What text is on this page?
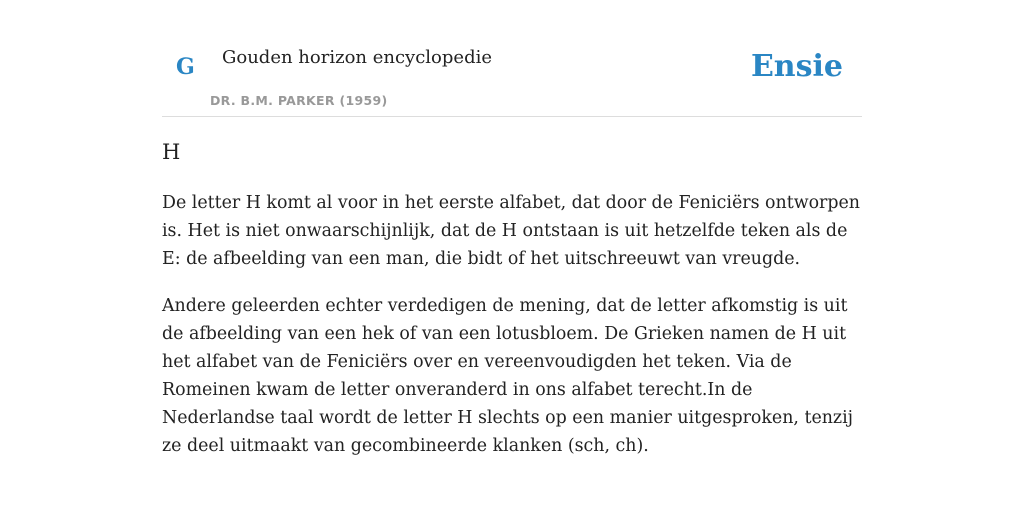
G Gouden horizon encyclopedie
DR. B.M. PARKER (1959)
Ensie
H

De letter H komt al voor in het eerste alfabet, dat door de Feniciërs ontworpen is. Het is niet onwaarschijnlijk, dat de H ontstaan is uit hetzelfde teken als de E: de afbeelding van een man, die bidt of het uitschreeuwt van vreugde.

Andere geleerden echter verdedigen de mening, dat de letter afkomstig is uit de afbeelding van een hek of van een lotusbloem. De Grieken namen de H uit het alfabet van de Feniciërs over en vereenvoudigden het teken. Via de Romeinen kwam de letter onveranderd in ons alfabet terecht.In de Nederlandse taal wordt de letter H slechts op een manier uitgesproken, tenzij ze deel uitmaakt van gecombineerde klanken (sch, ch).
